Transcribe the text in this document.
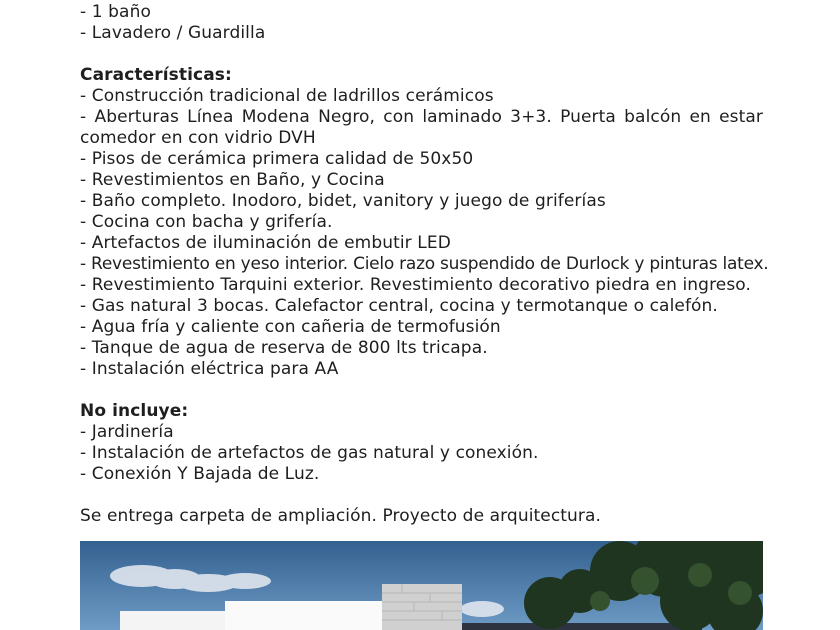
- 1 baño

- Lavadero / Guardilla

Características:

- Construcción tradicional de ladrillos cerámicos

- Aberturas Línea Modena Negro, con laminado 3+3. Puerta balcón en estar comedor en con vidrio DVH

- Pisos de cerámica primera calidad de 50x50

- Revestimientos en Baño, y Cocina

- Baño completo. Inodoro, bidet, vanitory y juego de griferías

- Cocina con bacha y grifería.

- Artefactos de iluminación de embutir LED

- Revestimiento en yeso interior. Cielo razo suspendido de Durlock y pinturas latex.

- Revestimiento Tarquini exterior. Revestimiento decorativo piedra en ingreso.

- Gas natural 3 bocas. Calefactor central, cocina y termotanque o calefón.

- Agua fría y caliente con cañeria de termofusión

- Tanque de agua de reserva de 800 lts tricapa.

- Instalación eléctrica para AA

No incluye:

- Jardinería

- Instalación de artefactos de gas natural y conexión.

- Conexión Y Bajada de Luz.

Se entrega carpeta de ampliación. Proyecto de arquitectura.
